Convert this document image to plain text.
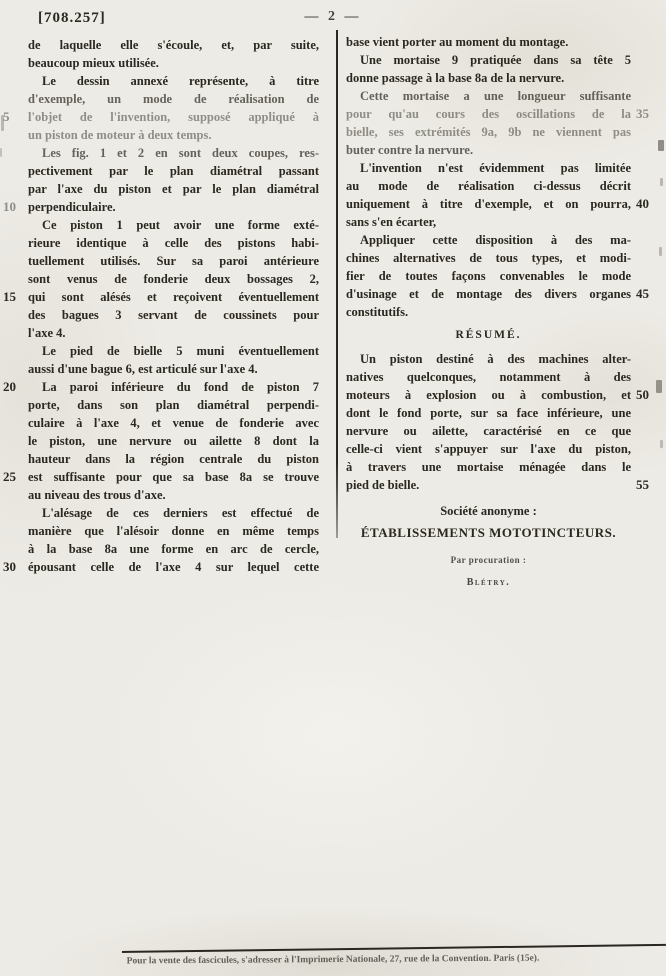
[708.257]	— 2 —
de laquelle elle s'écoule, et, par suite,
beaucoup mieux utilisée.
Le dessin annexé représente, à titre
d'exemple, un mode de réalisation de
l'objet de l'invention, supposé appliqué à
5
un piston de moteur à deux temps.
Les fig. 1 et 2 en sont deux coupes, res-
pectivement par le plan diamétral passant
par l'axe du piston et par le plan diamétral
perpendiculaire.
10
Ce piston 1 peut avoir une forme exté-
rieure identique à celle des pistons habi-
tuellement utilisés. Sur sa paroi antérieure
sont venus de fonderie deux bossages 2,
qui sont alésés et reçoivent éventuellement
15
des bagues 3 servant de coussinets pour
l'axe 4.
Le pied de bielle 5 muni éventuellement
aussi d'une bague 6, est articulé sur l'axe 4.
La paroi inférieure du fond de piston 7
20
porte, dans son plan diamétral perpendi-
culaire à l'axe 4, et venue de fonderie avec
le piston, une nervure ou ailette 8 dont la
hauteur dans la région centrale du piston
est suffisante pour que sa base 8a se trouve
25
au niveau des trous d'axe.
L'alésage de ces derniers est effectué de
manière que l'alésoir donne en même temps
à la base 8a une forme en arc de cercle,
épousant celle de l'axe 4 sur lequel cette
30
base vient porter au moment du montage.
Une mortaise 9 pratiquée dans sa tête 5
donne passage à la base 8a de la nervure.
Cette mortaise a une longueur suffisante
pour qu'au cours des oscillations de la 35
bielle, ses extrémités 9a, 9b ne viennent pas
buter contre la nervure.
L'invention n'est évidemment pas limitée
au mode de réalisation ci-dessus décrit
uniquement à titre d'exemple, et on pourra, 40
sans s'en écarter,
Appliquer cette disposition à des ma-
chines alternatives de tous types, et modi-
fier de toutes façons convenables le mode
d'usinage et de montage des divers organes 45
constitutifs.
RÉSUMÉ.
Un piston destiné à des machines alter-
natives quelconques, notamment à des
moteurs à explosion ou à combustion, et 50
dont le fond porte, sur sa face inférieure, une
nervure ou ailette, caractérisé en ce que
celle-ci vient s'appuyer sur l'axe du piston,
à travers une mortaise ménagée dans le
pied de bielle.	55
Société anonyme :
ÉTABLISSEMENTS MOTOTINCTEURS.
Par procuration :
Blétry.
Pour la vente des fascicules, s'adresser à l'Imprimerie Nationale, 27, rue de la Convention. Paris (15e).
